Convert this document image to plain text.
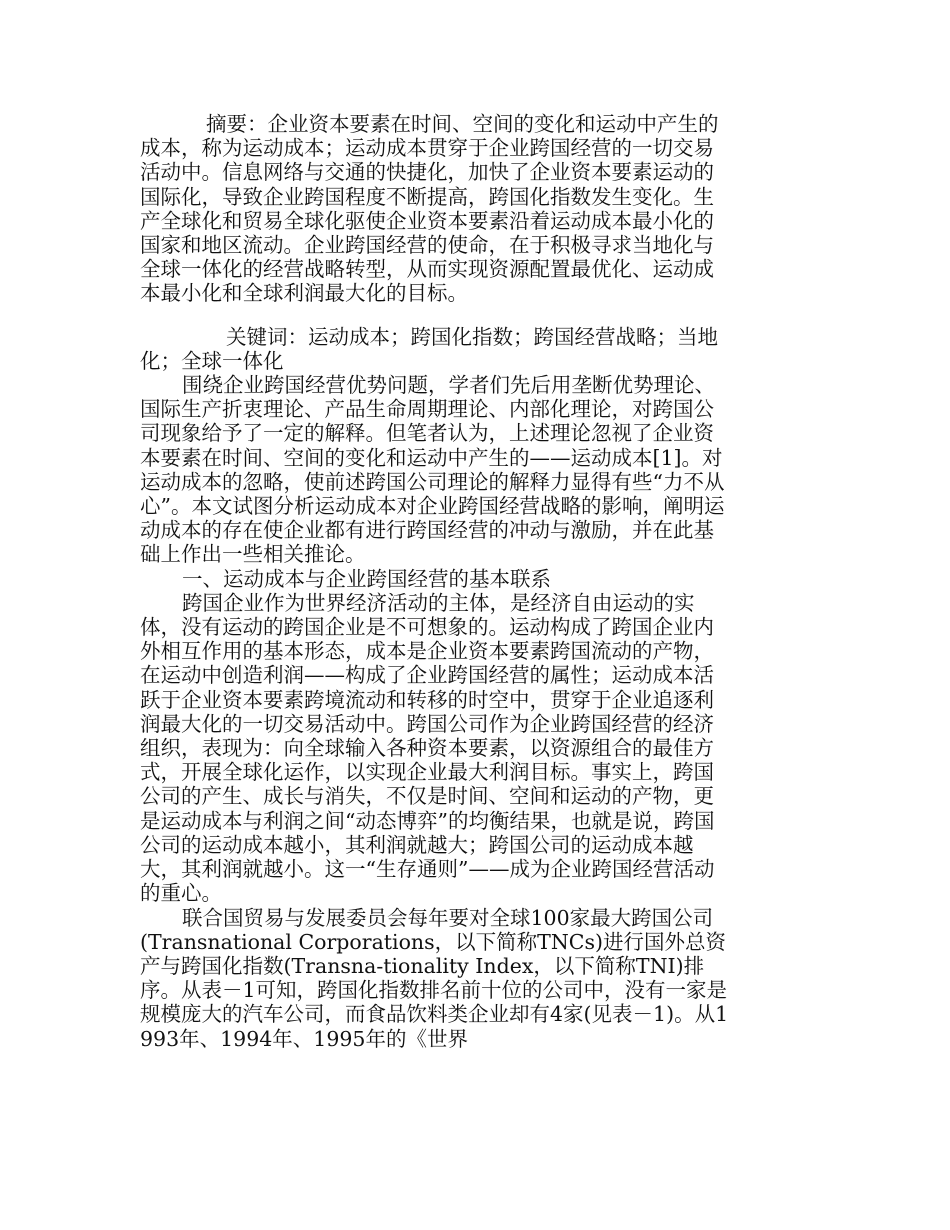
摘要：企业资本要素在时间、空间的变化和运动中产生的成本，称为运动成本；运动成本贯穿于企业跨国经营的一切交易活动中。信息网络与交通的快捷化，加快了企业资本要素运动的国际化，导致企业跨国程度不断提高，跨国化指数发生变化。生产全球化和贸易全球化驱使企业资本要素沿着运动成本最小化的国家和地区流动。企业跨国经营的使命，在于积极寻求当地化与全球一体化的经营战略转型，从而实现资源配置最优化、运动成本最小化和全球利润最大化的目标。

关键词：运动成本；跨国化指数；跨国经营战略；当地化；全球一体化

围绕企业跨国经营优势问题，学者们先后用垄断优势理论、国际生产折衷理论、产品生命周期理论、内部化理论，对跨国公司现象给予了一定的解释。但笔者认为，上述理论忽视了企业资本要素在时间、空间的变化和运动中产生的——运动成本[1]。对运动成本的忽略，使前述跨国公司理论的解释力显得有些“力不从心”。本文试图分析运动成本对企业跨国经营战略的影响，阐明运动成本的存在使企业都有进行跨国经营的冲动与激励，并在此基础上作出一些相关推论。

一、运动成本与企业跨国经营的基本联系

跨国企业作为世界经济活动的主体，是经济自由运动的实体，没有运动的跨国企业是不可想象的。运动构成了跨国企业内外相互作用的基本形态，成本是企业资本要素跨国流动的产物，在运动中创造利润——构成了企业跨国经营的属性；运动成本活跃于企业资本要素跨境流动和转移的时空中，贯穿于企业追逐利润最大化的一切交易活动中。跨国公司作为企业跨国经营的经济组织，表现为：向全球输入各种资本要素，以资源组合的最佳方式，开展全球化运作，以实现企业最大利润目标。事实上，跨国公司的产生、成长与消失，不仅是时间、空间和运动的产物，更是运动成本与利润之间“动态博弈”的均衡结果，也就是说，跨国公司的运动成本越小，其利润就越大；跨国公司的运动成本越大，其利润就越小。这一“生存通则”——成为企业跨国经营活动的重心。

联合国贸易与发展委员会每年要对全球100家最大跨国公司(Transnational Corporations，以下简称TNCs)进行国外总资产与跨国化指数(Transna-tionality Index，以下简称TNI)排序。从表－1可知，跨国化指数排名前十位的公司中，没有一家是规模庞大的汽车公司，而食品饮料类企业却有4家(见表－1)。从1993年、1994年、1995年的《世界
